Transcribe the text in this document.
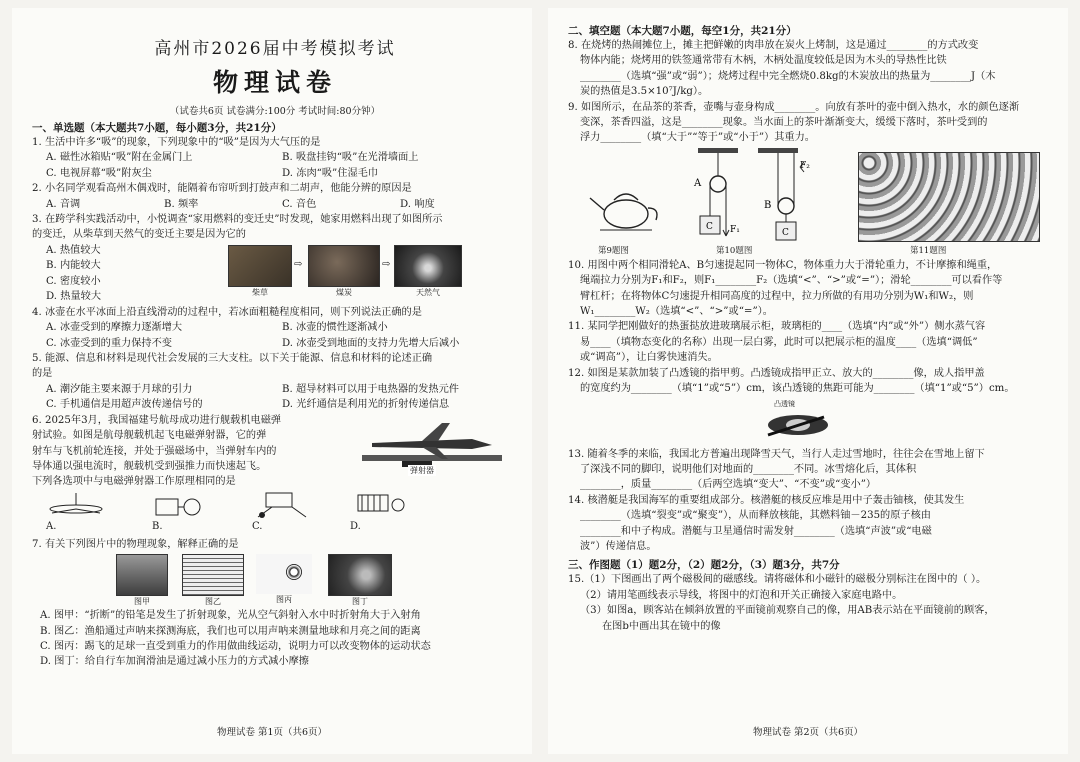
高州市2026届中考模拟考试
物理试卷
（试卷共6页 试卷满分:100分 考试时间:80分钟）
一、单选题（本大题共7小题，每小题3分，共21分）
1. 生活中许多“吸”的现象，下列现象中的“吸”是因为大气压的是
A. 磁性冰箱贴“吸”附在金属门上	B. 吸盘挂钩“吸”在光滑墙面上
C. 电视屏幕“吸”附灰尘	D. 冻肉“吸”住湿毛巾
2. 小名同学观看高州木偶戏时，能隔着布帘听到打鼓声和二胡声，他能分辨的原因是
A. 音调	B. 频率	C. 音色	D. 响度
3. 在跨学科实践活动中，小悦调查“家用燃料的变迁史”时发现，她家用燃料出现了如图所示
的变迁，从柴草到天然气的变迁主要是因为它的
A. 热值较大
B. 内能较大
C. 密度较小
D. 热量较大	柴草
⇨
煤炭
⇨
天然气
4. 冰壶在水平冰面上沿直线滑动的过程中，若冰面粗糙程度相同，则下列说法正确的是
A. 冰壶受到的摩擦力逐渐增大	B. 冰壶的惯性逐渐减小
C. 冰壶受到的重力保持不变	D. 冰壶受到地面的支持力先增大后减小
5. 能源、信息和材料是现代社会发展的三大支柱。以下关于能源、信息和材料的论述正确
的是
A. 潮汐能主要来源于月球的引力	B. 超导材料可以用于电热器的发热元件
C. 手机通信是用超声波传递信号的	D. 光纤通信是利用光的折射传递信息
6. 2025年3月，我国福建号航母成功进行舰载机电磁弹
射试验。如图是航母舰载机起飞电磁弹射器，它的弹
射车与飞机前轮连接，并处于强磁场中，当弹射车内的
导体通以强电流时，舰载机受到强推力而快速起飞。
下列各选项中与电磁弹射器工作原理相同的是
弹射器
A.	B.	C.	D.
7. 有关下列图片中的物理现象，解释正确的是
图甲	图乙	图丙	图丁
A. 图甲：“折断”的铅笔是发生了折射现象，光从空气斜射入水中时折射角大于入射角
B. 图乙：渔船通过声呐来探测海底，我们也可以用声呐来测量地球和月亮之间的距离
C. 图丙：踢飞的足球一直受到重力的作用做曲线运动，说明力可以改变物体的运动状态
D. 图丁：给自行车加润滑油是通过减小压力的方式减小摩擦
物理试卷 第1页（共6页）
二、填空题（本大题7小题，每空1分，共21分）
8. 在烧烤的热闹摊位上，摊主把鲜嫩的肉串放在炭火上烤制，这是通过________的方式改变
物体内能；烧烤用的铁签通常带有木柄，木柄处温度较低是因为木头的导热性比铁
________（选填“强”或“弱”）；烧烤过程中完全燃烧0.8kg的木炭放出的热量为________J（木
炭的热值是3.5×10⁷J/kg）。
9. 如图所示，在品茶的茶香，壶嘴与壶身构成________。向放有茶叶的壶中倒入热水，水的颜色逐渐
变深，茶香四溢，这是________现象。当水面上的茶叶渐渐变大，缓缓下落时，茶叶受到的
浮力________（填“大于”“等于”或“小于”）其重力。
第9题图
A
C F₁
B
C
F₂
第10题图	第11题图
10. 用图中两个相同滑轮A、B匀速提起同一物体C，物体重力大于滑轮重力，不计摩擦和绳重，
绳端拉力分别为F₁和F₂，则F₁________F₂（选填“<”、“>”或“=”）；滑轮________可以看作等
臂杠杆；在将物体C匀速提升相同高度的过程中，拉力所做的有用功分别为W₁和W₂，则
W₁________W₂（选填“<”、“>”或“=”）。
11. 某同学把刚做好的热蛋挞放进玻璃展示柜，玻璃柜的____（选填“内”或“外”）侧水蒸气容
易____（填物态变化的名称）出现一层白雾，此时可以把展示柜的温度____（选填“调低”
或“调高”），让白雾快速消失。
12. 如图是某款加装了凸透镜的指甲剪。凸透镜成指甲正立、放大的________像，成人指甲盖
的宽度约为________（填“1”或“5”）cm，该凸透镜的焦距可能为________（填“1”或“5”）cm。
凸透镜
13. 随着冬季的来临，我国北方普遍出现降雪天气，当行人走过雪地时，往往会在雪地上留下
了深浅不同的脚印，说明他们对地面的________不同。冰雪熔化后，其体积
________，质量________（后两空选填“变大”、“不变”或“变小”）
14. 核潜艇是我国海军的重要组成部分。核潜艇的核反应堆是用中子轰击铀核，使其发生
________（选填“裂变”或“聚变”），从而释放核能，其燃料铀－235的原子核由
________和中子构成。潜艇与卫星通信时需发射________（选填“声波”或“电磁
波”）传递信息。
三、作图题（1）题2分，（2）题2分，（3）题3分，共7分
15.（1）下图画出了两个磁极间的磁感线。请将磁体和小磁针的磁极分别标注在图中的（ ）。
（2）请用笔画线表示导线，将图中的灯泡和开关正确接入家庭电路中。
（3）如图a，顾客站在倾斜放置的平面镜前观察自己的像，用AB表示站在平面镜前的顾客，
在图b中画出其在镜中的像
物理试卷 第2页（共6页）
